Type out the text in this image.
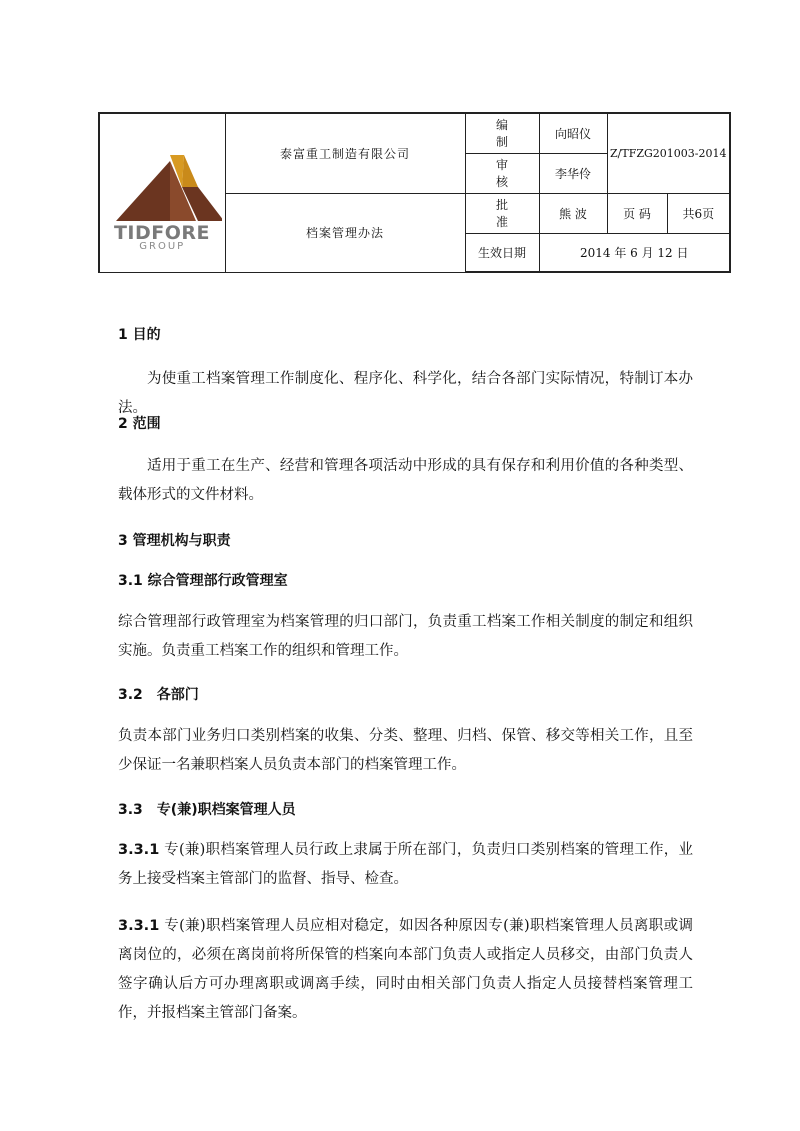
TIDFORE
GROUP	泰富重工制造有限公司	编 制	向昭仪	Z/TFZG201003-2014	
		审 核	李华伶		
	档案管理办法	批 准	熊 波	页 码	共6页
		生效日期	2014 年 6 月 12 日		
1 目的
为使重工档案管理工作制度化、程序化、科学化，结合各部门实际情况，特制订本办法。
2 范围
适用于重工在生产、经营和管理各项活动中形成的具有保存和利用价值的各种类型、载体形式的文件材料。
3 管理机构与职责
3.1 综合管理部行政管理室
综合管理部行政管理室为档案管理的归口部门，负责重工档案工作相关制度的制定和组织实施。负责重工档案工作的组织和管理工作。
3.2　各部门
负责本部门业务归口类别档案的收集、分类、整理、归档、保管、移交等相关工作，且至少保证一名兼职档案人员负责本部门的档案管理工作。
3.3　专(兼)职档案管理人员
3.3.1 专(兼)职档案管理人员行政上隶属于所在部门，负责归口类别档案的管理工作，业务上接受档案主管部门的监督、指导、检查。
3.3.1 专(兼)职档案管理人员应相对稳定，如因各种原因专(兼)职档案管理人员离职或调离岗位的，必须在离岗前将所保管的档案向本部门负责人或指定人员移交，由部门负责人签字确认后方可办理离职或调离手续，同时由相关部门负责人指定人员接替档案管理工作，并报档案主管部门备案。
